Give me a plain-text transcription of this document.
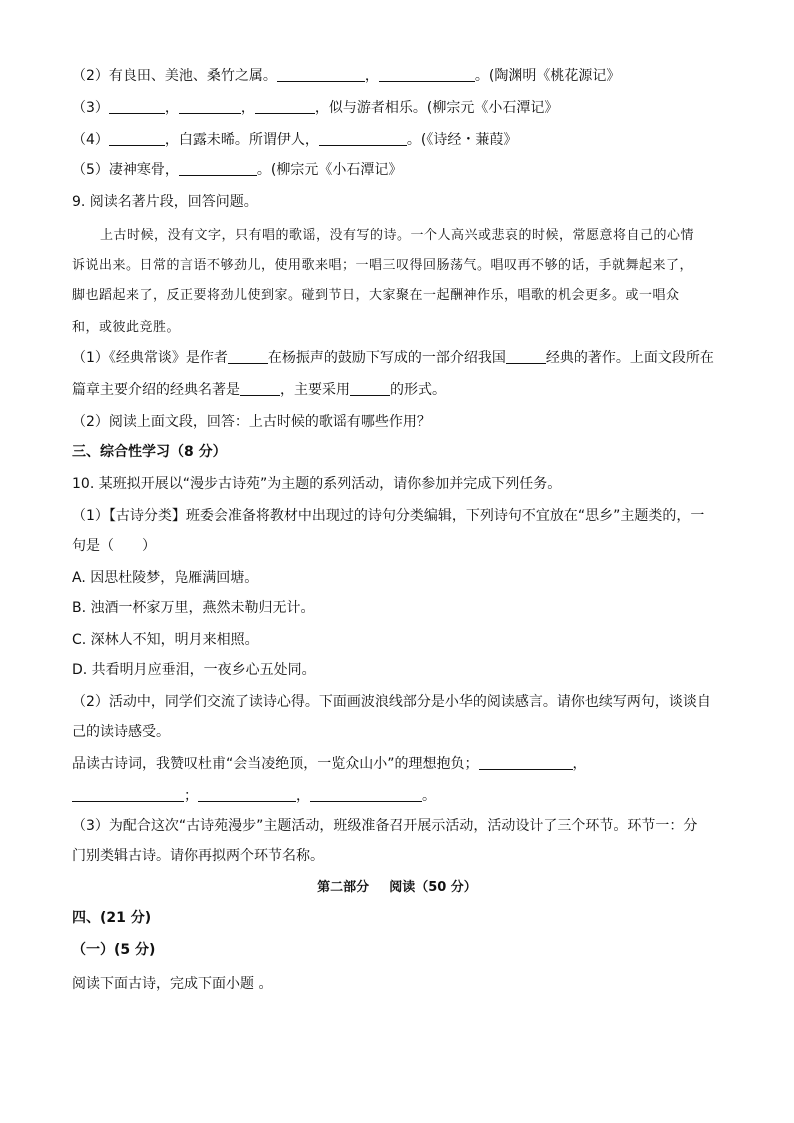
（2）有良田、美池、桑竹之属。	，	。(陶渊明《桃花源记》
（3）	，	，	，似与游者相乐。(柳宗元《小石潭记》
（4）	，白露未晞。所谓伊人，	。(《诗经・蒹葭》
（5）凄神寒骨，	。(柳宗元《小石潭记》
9. 阅读名著片段，回答问题。
上古时候，没有文字，只有唱的歌谣，没有写的诗。一个人高兴或悲哀的时候，常愿意将自己的心情
诉说出来。日常的言语不够劲儿，使用歌来唱；一唱三叹得回肠荡气。唱叹再不够的话，手就舞起来了，
脚也蹈起来了，反正要将劲儿使到家。碰到节日，大家聚在一起酬神作乐，唱歌的机会更多。或一唱众
和，或彼此竞胜。
（1）《经典常谈》是作者	在杨振声的鼓励下写成的一部介绍我国	经典的著作。上面文段所在
篇章主要介绍的经典名著是	，主要采用	的形式。
（2）阅读上面文段，回答：上古时候的歌谣有哪些作用？
三、综合性学习（8 分）
10. 某班拟开展以“漫步古诗苑”为主题的系列活动，请你参加并完成下列任务。
（1）【古诗分类】班委会准备将教材中出现过的诗句分类编辑，下列诗句不宜放在“思乡”主题类的，一
句是（　　）
A. 因思杜陵梦，凫雁满回塘。
B. 浊酒一杯家万里，燕然未勒归无计。
C. 深林人不知，明月来相照。
D. 共看明月应垂泪，一夜乡心五处同。
（2）活动中，同学们交流了读诗心得。下面画波浪线部分是小华的阅读感言。请你也续写两句，谈谈自
己的读诗感受。
品读古诗词，我赞叹杜甫“会当凌绝顶，一览众山小”的理想抱负；	，
；	，	。
（3）为配合这次“古诗苑漫步”主题活动，班级准备召开展示活动，活动设计了三个环节。环节一：分
门别类辑古诗。请你再拟两个环节名称。
第二部分 阅读（50 分）
四、(21 分)
（一）(5 分)
阅读下面古诗，完成下面小题 。
